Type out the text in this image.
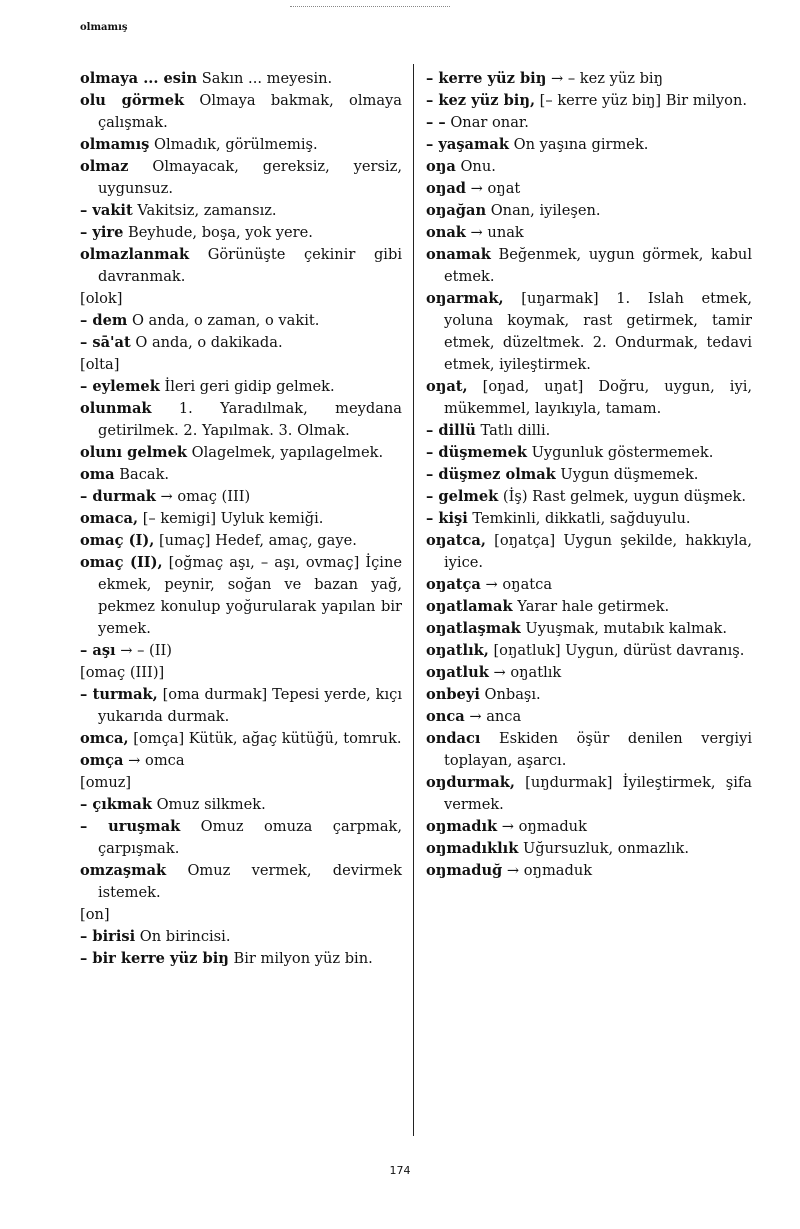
olmamış

olmaya ... esin Sakın ... meyesin.

olu görmek Olmaya bakmak, olmaya çalışmak.

olmamış Olmadık, görülmemiş.

olmaz Olmayacak, gereksiz, yersiz, uygunsuz.

– vakit Vakitsiz, zamansız.

– yire Beyhude, boşa, yok yere.

olmazlanmak Görünüşte çekinir gibi davranmak.

[olok]

– dem O anda, o zaman, o vakit.

– sā'at O anda, o dakikada.

[olta]

– eylemek İleri geri gidip gelmek.

olunmak 1. Yaradılmak, meydana getirilmek. 2. Yapılmak. 3. Olmak.

olunı gelmek Olagelmek, yapılagelmek.

oma Bacak.

– durmak → omaç (III)

omaca, [– kemigi] Uyluk kemiği.

omaç (I), [umaç] Hedef, amaç, gaye.

omaç (II), [oğmaç aşı, – aşı, ovmaç] İçine ekmek, peynir, soğan ve bazan yağ, pekmez konulup yoğurularak yapılan bir yemek.

– aşı → – (II)

[omaç (III)]

– turmak, [oma durmak] Tepesi yerde, kıçı yukarıda durmak.

omca, [omça] Kütük, ağaç kütüğü, tomruk.

omça → omca

[omuz]

– çıkmak Omuz silkmek.

– uruşmak Omuz omuza çarpmak, çarpışmak.

omzaşmak Omuz vermek, devirmek istemek.

[on]

– birisi On birincisi.

– bir kerre yüz biŋ Bir milyon yüz bin.

– kerre yüz biŋ → – kez yüz biŋ

– kez yüz biŋ, [– kerre yüz biŋ] Bir milyon.

– – Onar onar.

– yaşamak On yaşına girmek.

oŋa Onu.

oŋad → oŋat

oŋağan Onan, iyileşen.

onak → unak

onamak Beğenmek, uygun görmek, kabul etmek.

oŋarmak, [uŋarmak] 1. Islah etmek, yoluna koymak, rast getirmek, tamir etmek, düzeltmek. 2. Ondurmak, tedavi etmek, iyileştirmek.

oŋat, [oŋad, uŋat] Doğru, uygun, iyi, mükemmel, layıkıyla, tamam.

– dillü Tatlı dilli.

– düşmemek Uygunluk göstermemek.

– düşmez olmak Uygun düşmemek.

– gelmek (İş) Rast gelmek, uygun düşmek.

– kişi Temkinli, dikkatli, sağduyulu.

oŋatca, [oŋatça] Uygun şekilde, hakkıyla, iyice.

oŋatça → oŋatca

oŋatlamak Yarar hale getirmek.

oŋatlaşmak Uyuşmak, mutabık kalmak.

oŋatlık, [oŋatluk] Uygun, dürüst davranış.

oŋatluk → oŋatlık

onbeyi Onbaşı.

onca → anca

ondacı Eskiden öşür denilen vergiyi toplayan, aşarcı.

oŋdurmak, [uŋdurmak] İyileştirmek, şifa vermek.

oŋmadık → oŋmaduk

oŋmadıklık Uğursuzluk, onmazlık.

oŋmaduğ → oŋmaduk

174
